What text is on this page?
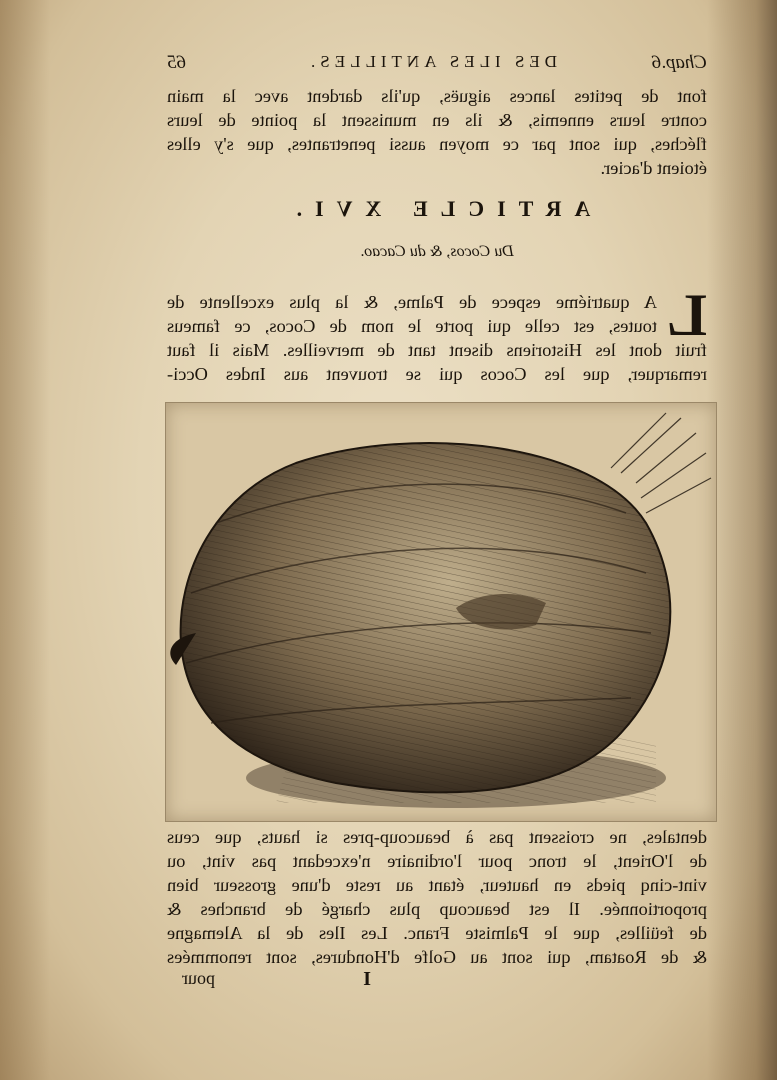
Chap.6
DES ILES ANTILLES.
65
font de petites lances aiguës, qu'ils dardent avec la main
contre leurs ennemis, & ils en munissent la pointe de leurs
fléches, qui sont par ce moyen aussi penetrantes, que s'y elles
étoient d'acier.
ARTICLE XVI.
Du Cocos, & du Cacao.
L
A quatriéme espece de Palme, & la plus excellente de
toutes, est celle qui porte le nom de Cocos, ce fameus
fruit dont les Historiens disent tant de merveilles. Mais il faut
remarquer, que les Cocos qui se trouvent aus Indes Occi-
dentales, ne croissent pas à beaucoup-pres si hauts, que ceus
de l'Orient, le tronc pour l'ordinaire n'excedant pas vint, ou
vint-cinq pieds en hauteur, étant au reste d'une grosseur bien
proportionnée. Il est beaucoup plus chargé de branches &
de feüilles, que le Palmiste Franc. Les Iles de la Alemagne
& de Roatam, qui sont au Golfe d'Hondures, sont renommées
I
pour
